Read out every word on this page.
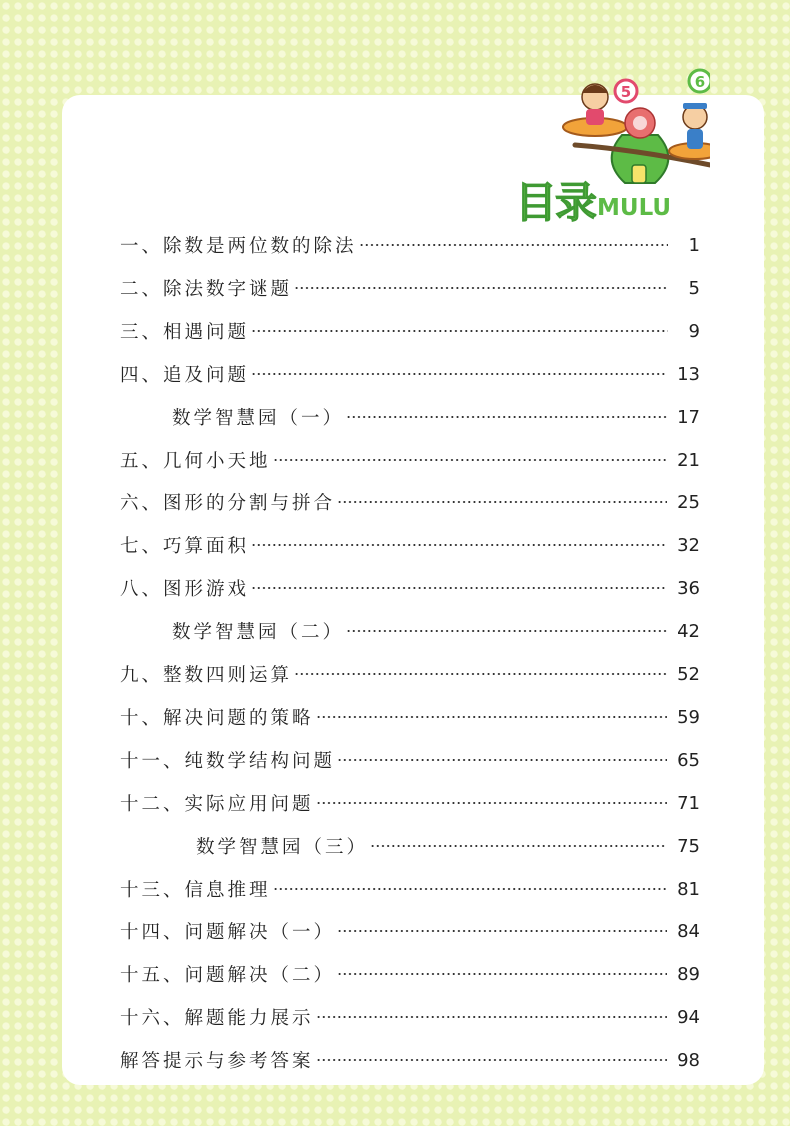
5
6
目录 MULU
一、除数是两位数的除法	1
二、除法数字谜题	5
三、相遇问题	9
四、追及问题	13
数学智慧园（一）	17
五、几何小天地	21
六、图形的分割与拼合	25
七、巧算面积	32
八、图形游戏	36
数学智慧园（二）	42
九、整数四则运算	52
十、解决问题的策略	59
十一、纯数学结构问题	65
十二、实际应用问题	71
数学智慧园（三）	75
十三、信息推理	81
十四、问题解决（一）	84
十五、问题解决（二）	89
十六、解题能力展示	94
解答提示与参考答案	98
